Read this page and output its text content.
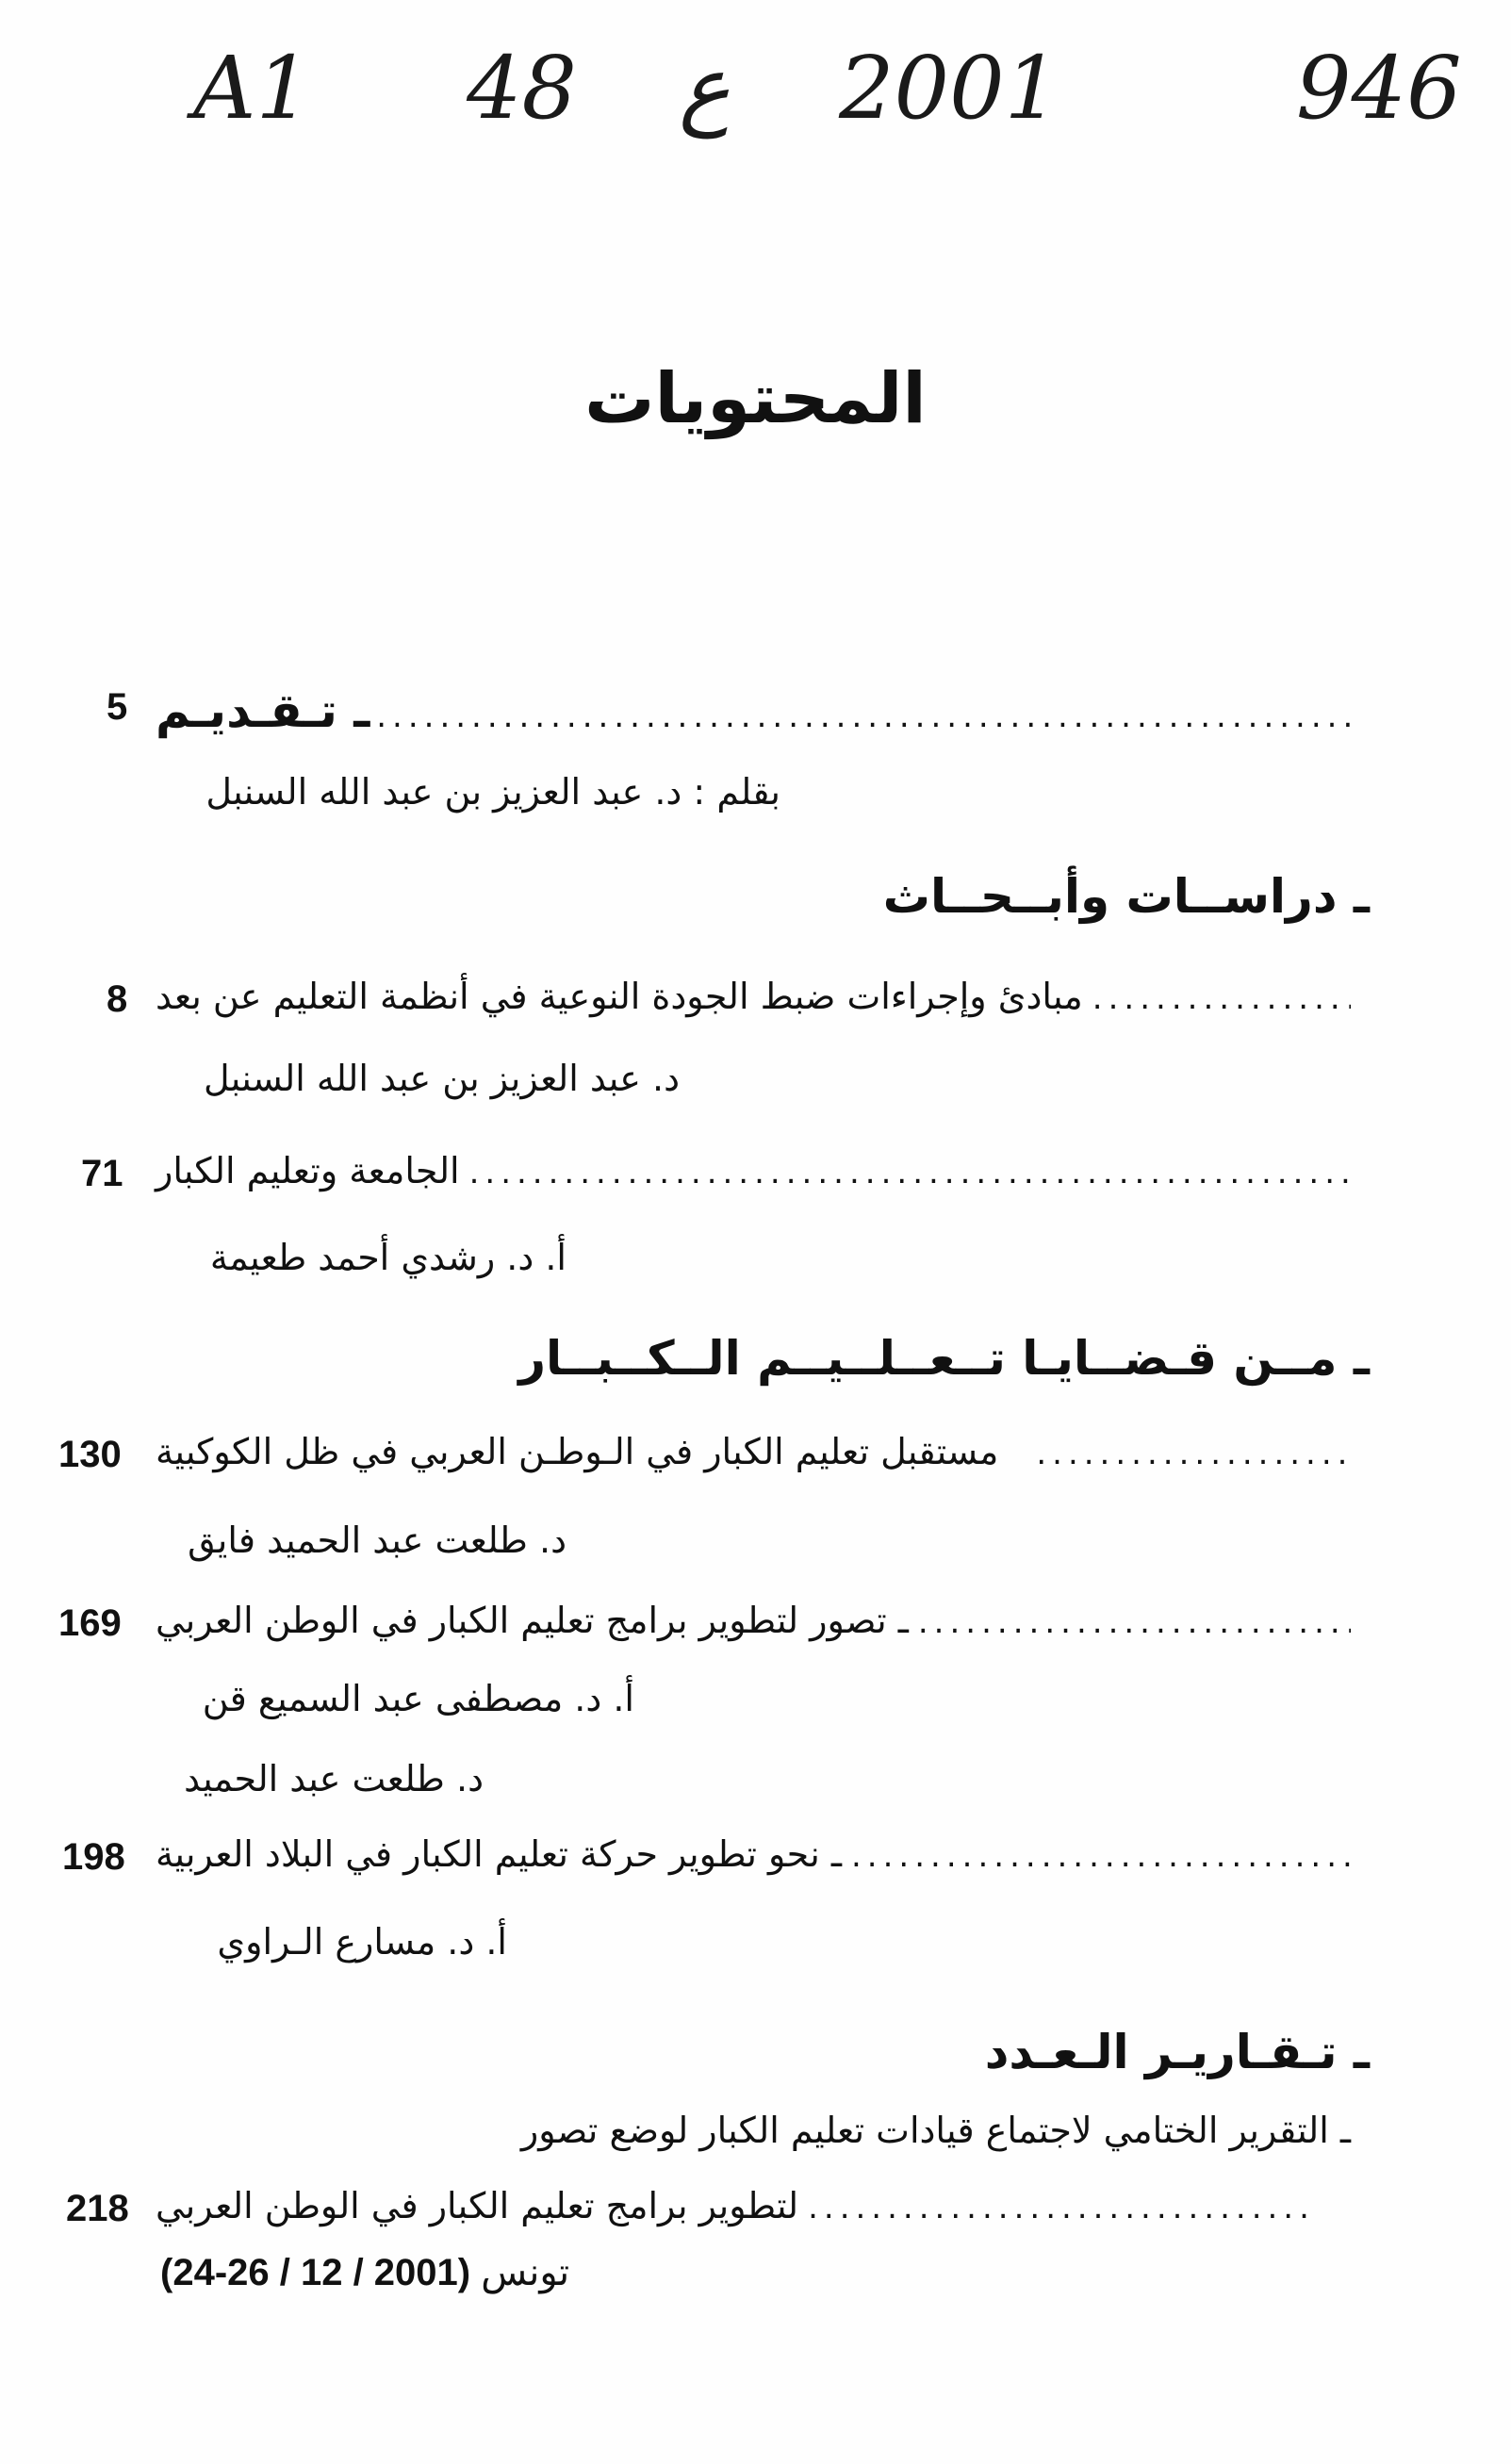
A1 48 ع 2001	946
المحتويات
ـ تـقـديـم
.....
5
بقلم : د. عبد العزيز بن عبد الله السنبل
ـ دراســات وأبــحــاث
مبادئ وإجراءات ضبط الجودة النوعية في أنظمة التعليم عن بعد
.....
8
د. عبد العزيز بن عبد الله السنبل
الجامعة وتعليم الكبار
.....
71
أ. د. رشدي أحمد طعيمة
ـ مــن قـضــايـا تــعــلــيــم الــكــبــار
مستقبل تعليم الكبار في الـوطـن العربي في ظل الكوكبية
.....
130
د. طلعت عبد الحميد فايق
ـ تصور لتطوير برامج تعليم الكبار في الوطن العربي
.....
169
أ. د. مصطفى عبد السميع قن
د. طلعت عبد الحميد
ـ نحو تطوير حركة تعليم الكبار في البلاد العربية
.....
198
أ. د. مسارع الـراوي
ـ تـقـاريـر الـعـدد
ـ التقرير الختامي لاجتماع قيادات تعليم الكبار لوضع تصور
لتطوير برامج تعليم الكبار في الوطن العربي
.....
218
(24-26 / 12 / 2001) تونس
